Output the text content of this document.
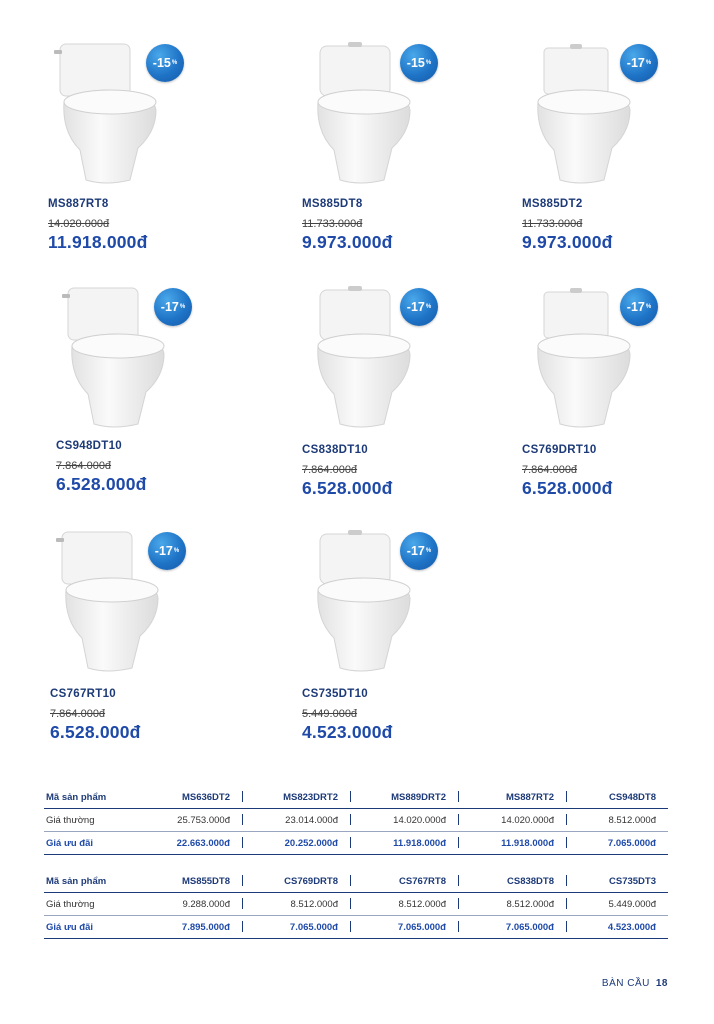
-15 %
MS887RT8
14.020.000đ
11.918.000đ
-15 %
MS885DT8
11.733.000đ
9.973.000đ
-17 %
MS885DT2
11.733.000đ
9.973.000đ
-17 %
CS948DT10
7.864.000đ
6.528.000đ
-17 %
CS838DT10
7.864.000đ
6.528.000đ
-17 %
CS769DRT10
7.864.000đ
6.528.000đ
-17 %
CS767RT10
7.864.000đ
6.528.000đ
-17 %
CS735DT10
5.449.000đ
4.523.000đ
Mã sản phẩm	MS636DT2	MS823DRT2	MS889DRT2	MS887RT2	CS948DT8
Giá thường	25.753.000đ	23.014.000đ	14.020.000đ	14.020.000đ	8.512.000đ
Giá ưu đãi	22.663.000đ	20.252.000đ	11.918.000đ	11.918.000đ	7.065.000đ
Mã sản phẩm	MS855DT8	CS769DRT8	CS767RT8	CS838DT8	CS735DT3
Giá thường	9.288.000đ	8.512.000đ	8.512.000đ	8.512.000đ	5.449.000đ
Giá ưu đãi	7.895.000đ	7.065.000đ	7.065.000đ	7.065.000đ	4.523.000đ
BÀN CẦU 18
